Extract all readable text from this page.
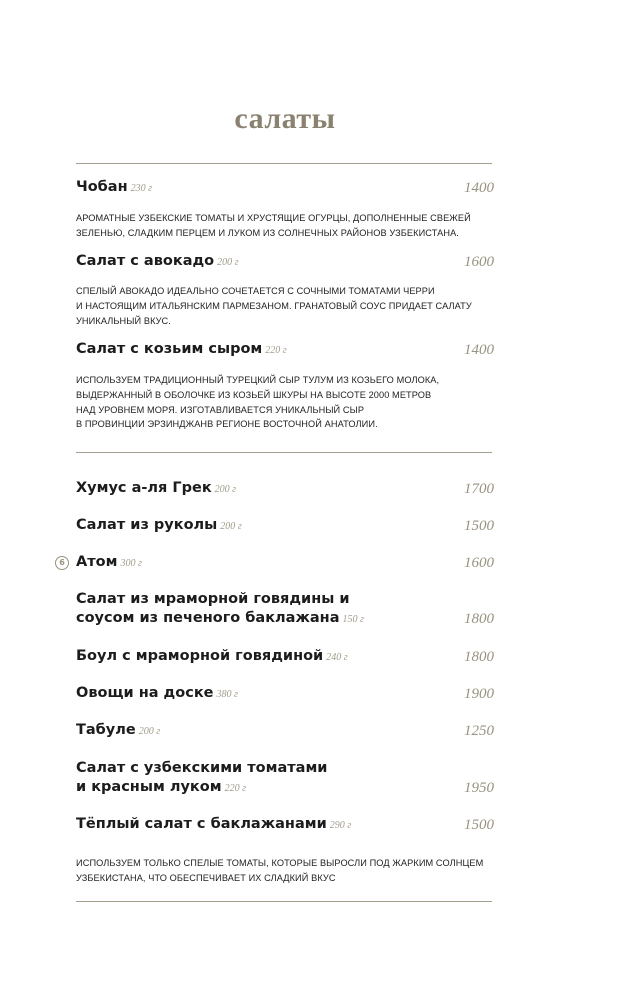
салаты
Чобан 230 г	1400
АРОМАТНЫЕ УЗБЕКСКИЕ ТОМАТЫ И ХРУСТЯЩИЕ ОГУРЦЫ, ДОПОЛНЕННЫЕ СВЕЖЕЙ
ЗЕЛЕНЬЮ, СЛАДКИМ ПЕРЦЕМ И ЛУКОМ ИЗ СОЛНЕЧНЫХ РАЙОНОВ УЗБЕКИСТАНА.
Салат с авокадо 200 г	1600
СПЕЛЫЙ АВОКАДО ИДЕАЛЬНО СОЧЕТАЕТСЯ С СОЧНЫМИ ТОМАТАМИ ЧЕРРИ
И НАСТОЯЩИМ ИТАЛЬЯНСКИМ ПАРМЕЗАНОМ. ГРАНАТОВЫЙ СОУС ПРИДАЕТ САЛАТУ
УНИКАЛЬНЫЙ ВКУС.
Салат с козьим сыром 220 г	1400
ИСПОЛЬЗУЕМ ТРАДИЦИОННЫЙ ТУРЕЦКИЙ СЫР ТУЛУМ ИЗ КОЗЬЕГО МОЛОКА,
ВЫДЕРЖАННЫЙ В ОБОЛОЧКЕ ИЗ КОЗЬЕЙ ШКУРЫ НА ВЫСОТЕ 2000 МЕТРОВ
НАД УРОВНЕМ МОРЯ. ИЗГОТАВЛИВАЕТСЯ УНИКАЛЬНЫЙ СЫР
В ПРОВИНЦИИ ЭРЗИНДЖАНВ РЕГИОНЕ ВОСТОЧНОЙ АНАТОЛИИ.
Хумус а-ля Грек 200 г	1700
Салат из руколы 200 г	1500
6 Атом 300 г	1600
Салат из мраморной говядины и
соусом из печеного баклажана 150 г	1800
Боул с мраморной говядиной 240 г	1800
Овощи на доске 380 г	1900
Табуле 200 г	1250
Салат с узбекскими томатами
и красным луком 220 г	1950
Тёплый салат с баклажанами 290 г	1500
ИСПОЛЬЗУЕМ ТОЛЬКО СПЕЛЫЕ ТОМАТЫ, КОТОРЫЕ ВЫРОСЛИ ПОД ЖАРКИМ СОЛНЦЕМ
УЗБЕКИСТАНА, ЧТО ОБЕСПЕЧИВАЕТ ИХ СЛАДКИЙ ВКУС
